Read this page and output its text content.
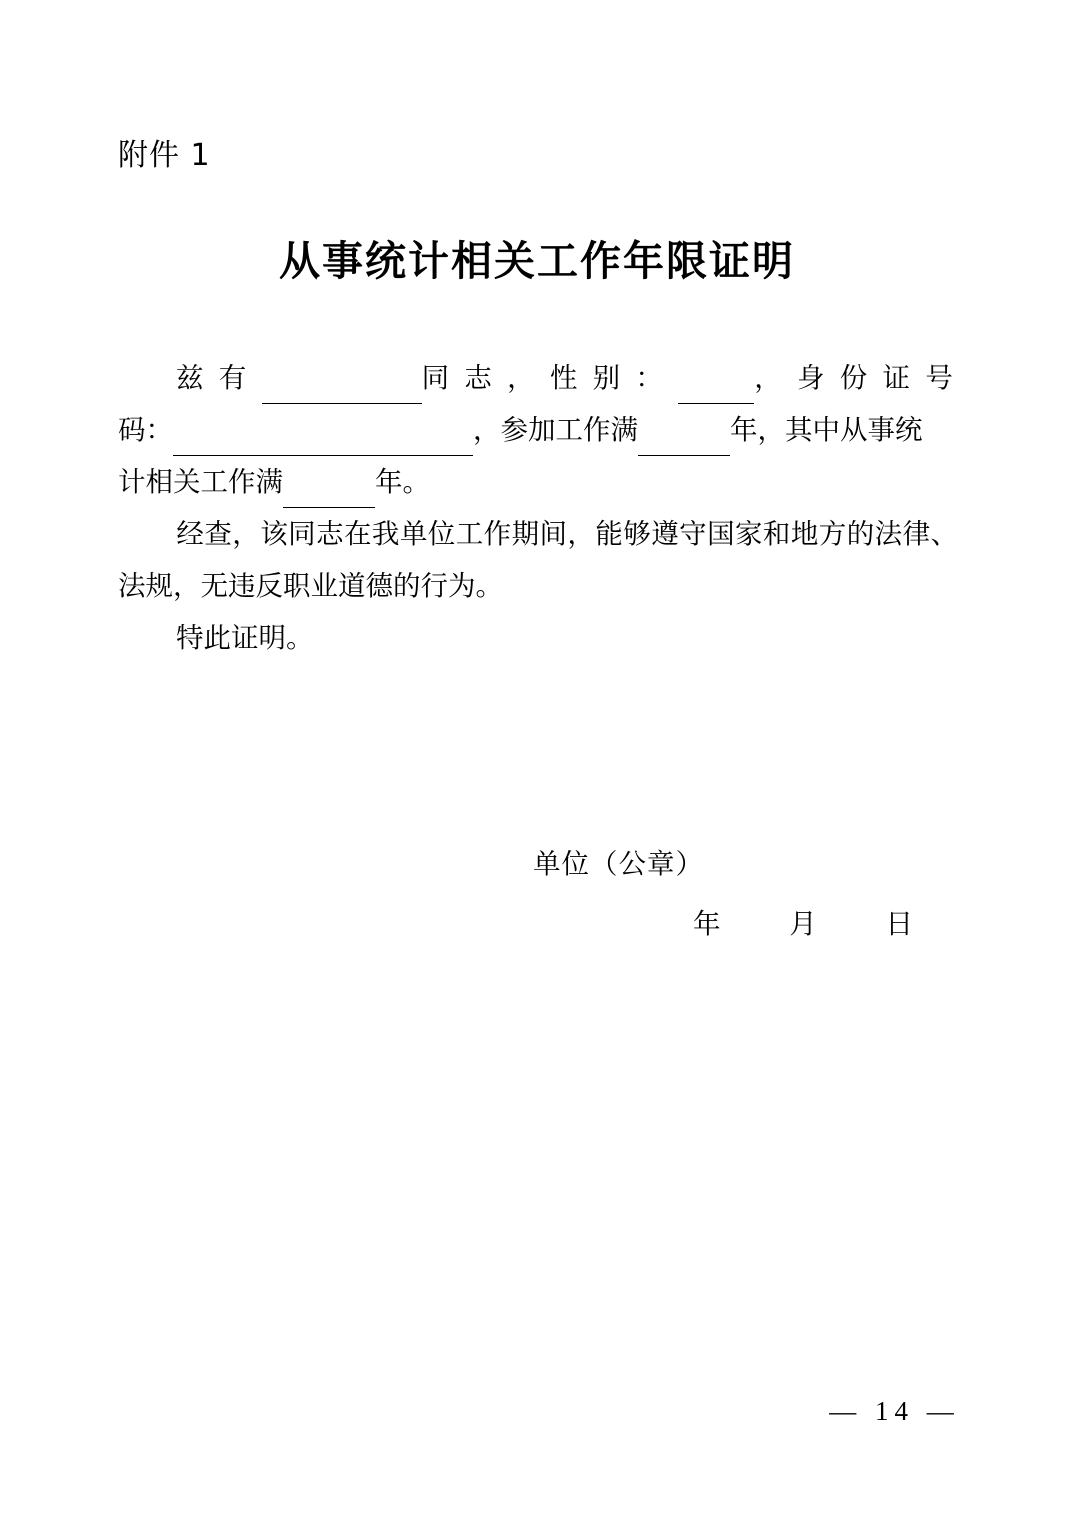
附件 1
从事统计相关工作年限证明

兹 有	同 志 ， 性 别 ：	， 身 份 证 号
码：	，参加工作满	年，其中从事统
计相关工作满	年。

经查，该同志在我单位工作期间，能够遵守国家和地方的法律、法规，无违反职业道德的行为。

特此证明。

单位（公章）
年 月 日
— 14 —
